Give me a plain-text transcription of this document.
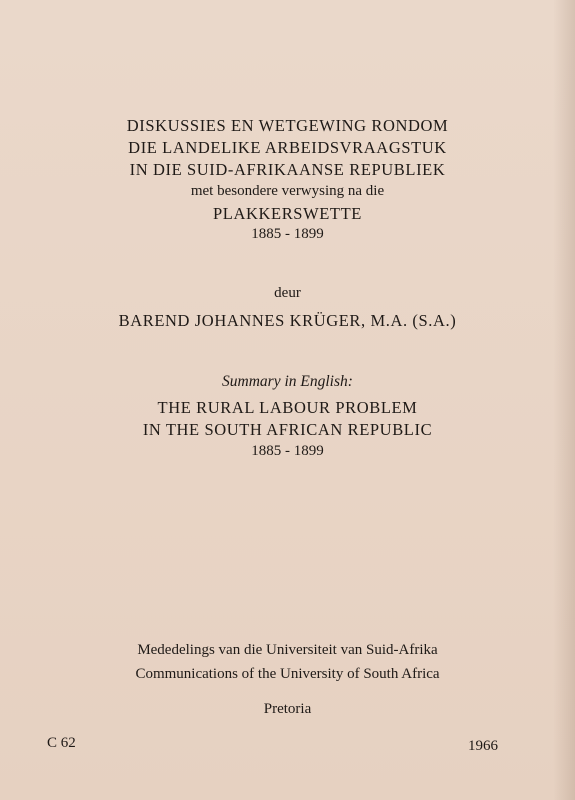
DISKUSSIES EN WETGEWING RONDOM
DIE LANDELIKE ARBEIDSVRAAGSTUK
IN DIE SUID-AFRIKAANSE REPUBLIEK
met besondere verwysing na die
PLAKKERSWETTE
1885 - 1899
deur
BAREND JOHANNES KRÜGER, M.A. (S.A.)
Summary in English:
THE RURAL LABOUR PROBLEM
IN THE SOUTH AFRICAN REPUBLIC
1885 - 1899
Mededelings van die Universiteit van Suid-Afrika
Communications of the University of South Africa
Pretoria
C 62	1966
